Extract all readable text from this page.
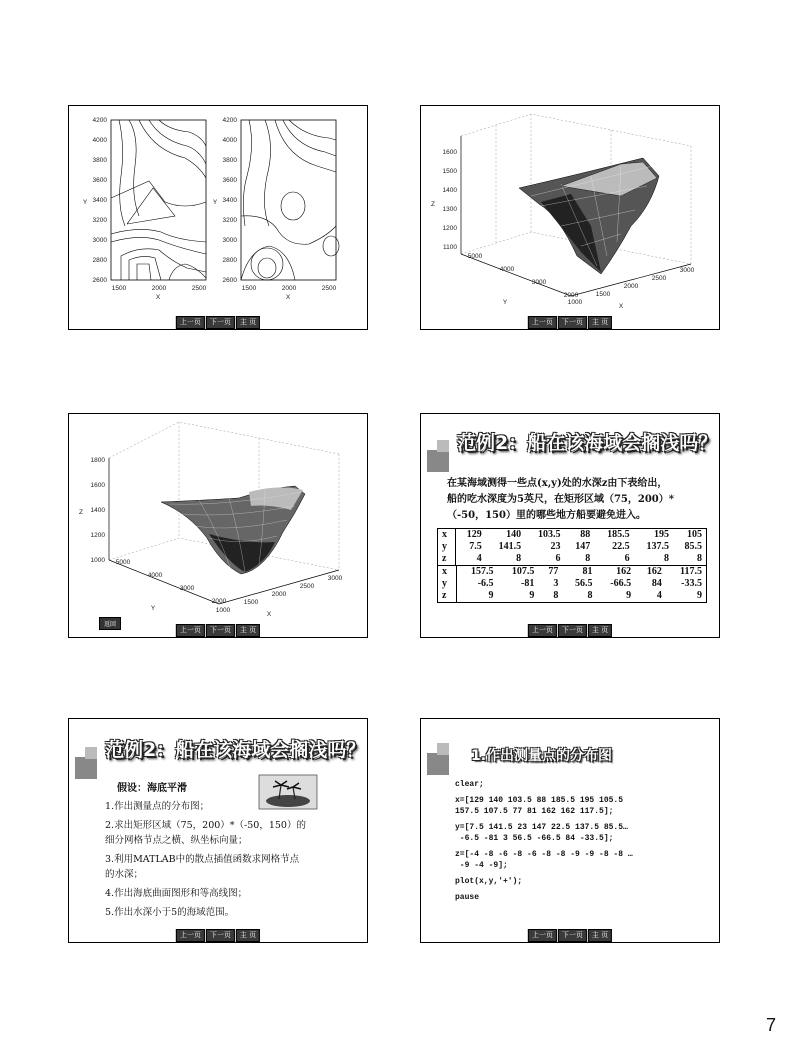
4200
4000
3800
3600
3400
3200
3000
2800
2600
1500	2000	2500
X
Y
4200
4000
3800
3600
3400
3200
3000
2800
2600
1500	2000	2500
X
Y
上一页	下一页	主 页
1600
1500
1400
1300
1200
1100
5000
4000
3000
2000
1000
1500
2000
2500
3000
Y
X
Z
上一页	下一页	主 页
1800
1600
1400
1200
1000 5000
4000
3000
2000
1000
1500
2000
2500
3000
Y
X
Z
返回
上一页	下一页	主 页
范例2：船在该海域会搁浅吗？
在某海域测得一些点(x,y)处的水深z由下表给出，
船的吃水深度为5英尺，在矩形区域（75，200）*
（-50，150）里的哪些地方船要避免进入。
x	129	140	103.5	88	185.5	195	105
y	7.5	141.5	23	147	22.5	137.5	85.5
z	4	8	6	8	6	8	8
x	157.5	107.5	77	81	162	162	117.5
y	-6.5	-81	3	56.5	-66.5	84	-33.5
z	9	9	8	8	9	4	9
上一页	下一页	主 页
范例2：船在该海域会搁浅吗？
假设：海底平滑
1.作出测量点的分布图；
2.求出矩形区域（75，200）*（-50，150）的
细分网格节点之横、纵坐标向量；
3.利用MATLAB中的散点插值函数求网格节点
的水深；
4.作出海底曲面图形和等高线图；
5.作出水深小于5的海域范围。
上一页	下一页	主 页
1.作出测量点的分布图
clear;
x=[129 140 103.5 88 185.5 195 105.5
157.5 107.5 77 81 162 162 117.5];
y=[7.5 141.5 23 147 22.5 137.5 85.5…
-6.5 -81 3 56.5 -66.5 84 -33.5];
z=[-4 -8 -6 -8 -6 -8 -8 -9 -9 -8 -8 …
-9 -4 -9];
plot(x,y,'+');
pause
上一页	下一页	主 页
7
